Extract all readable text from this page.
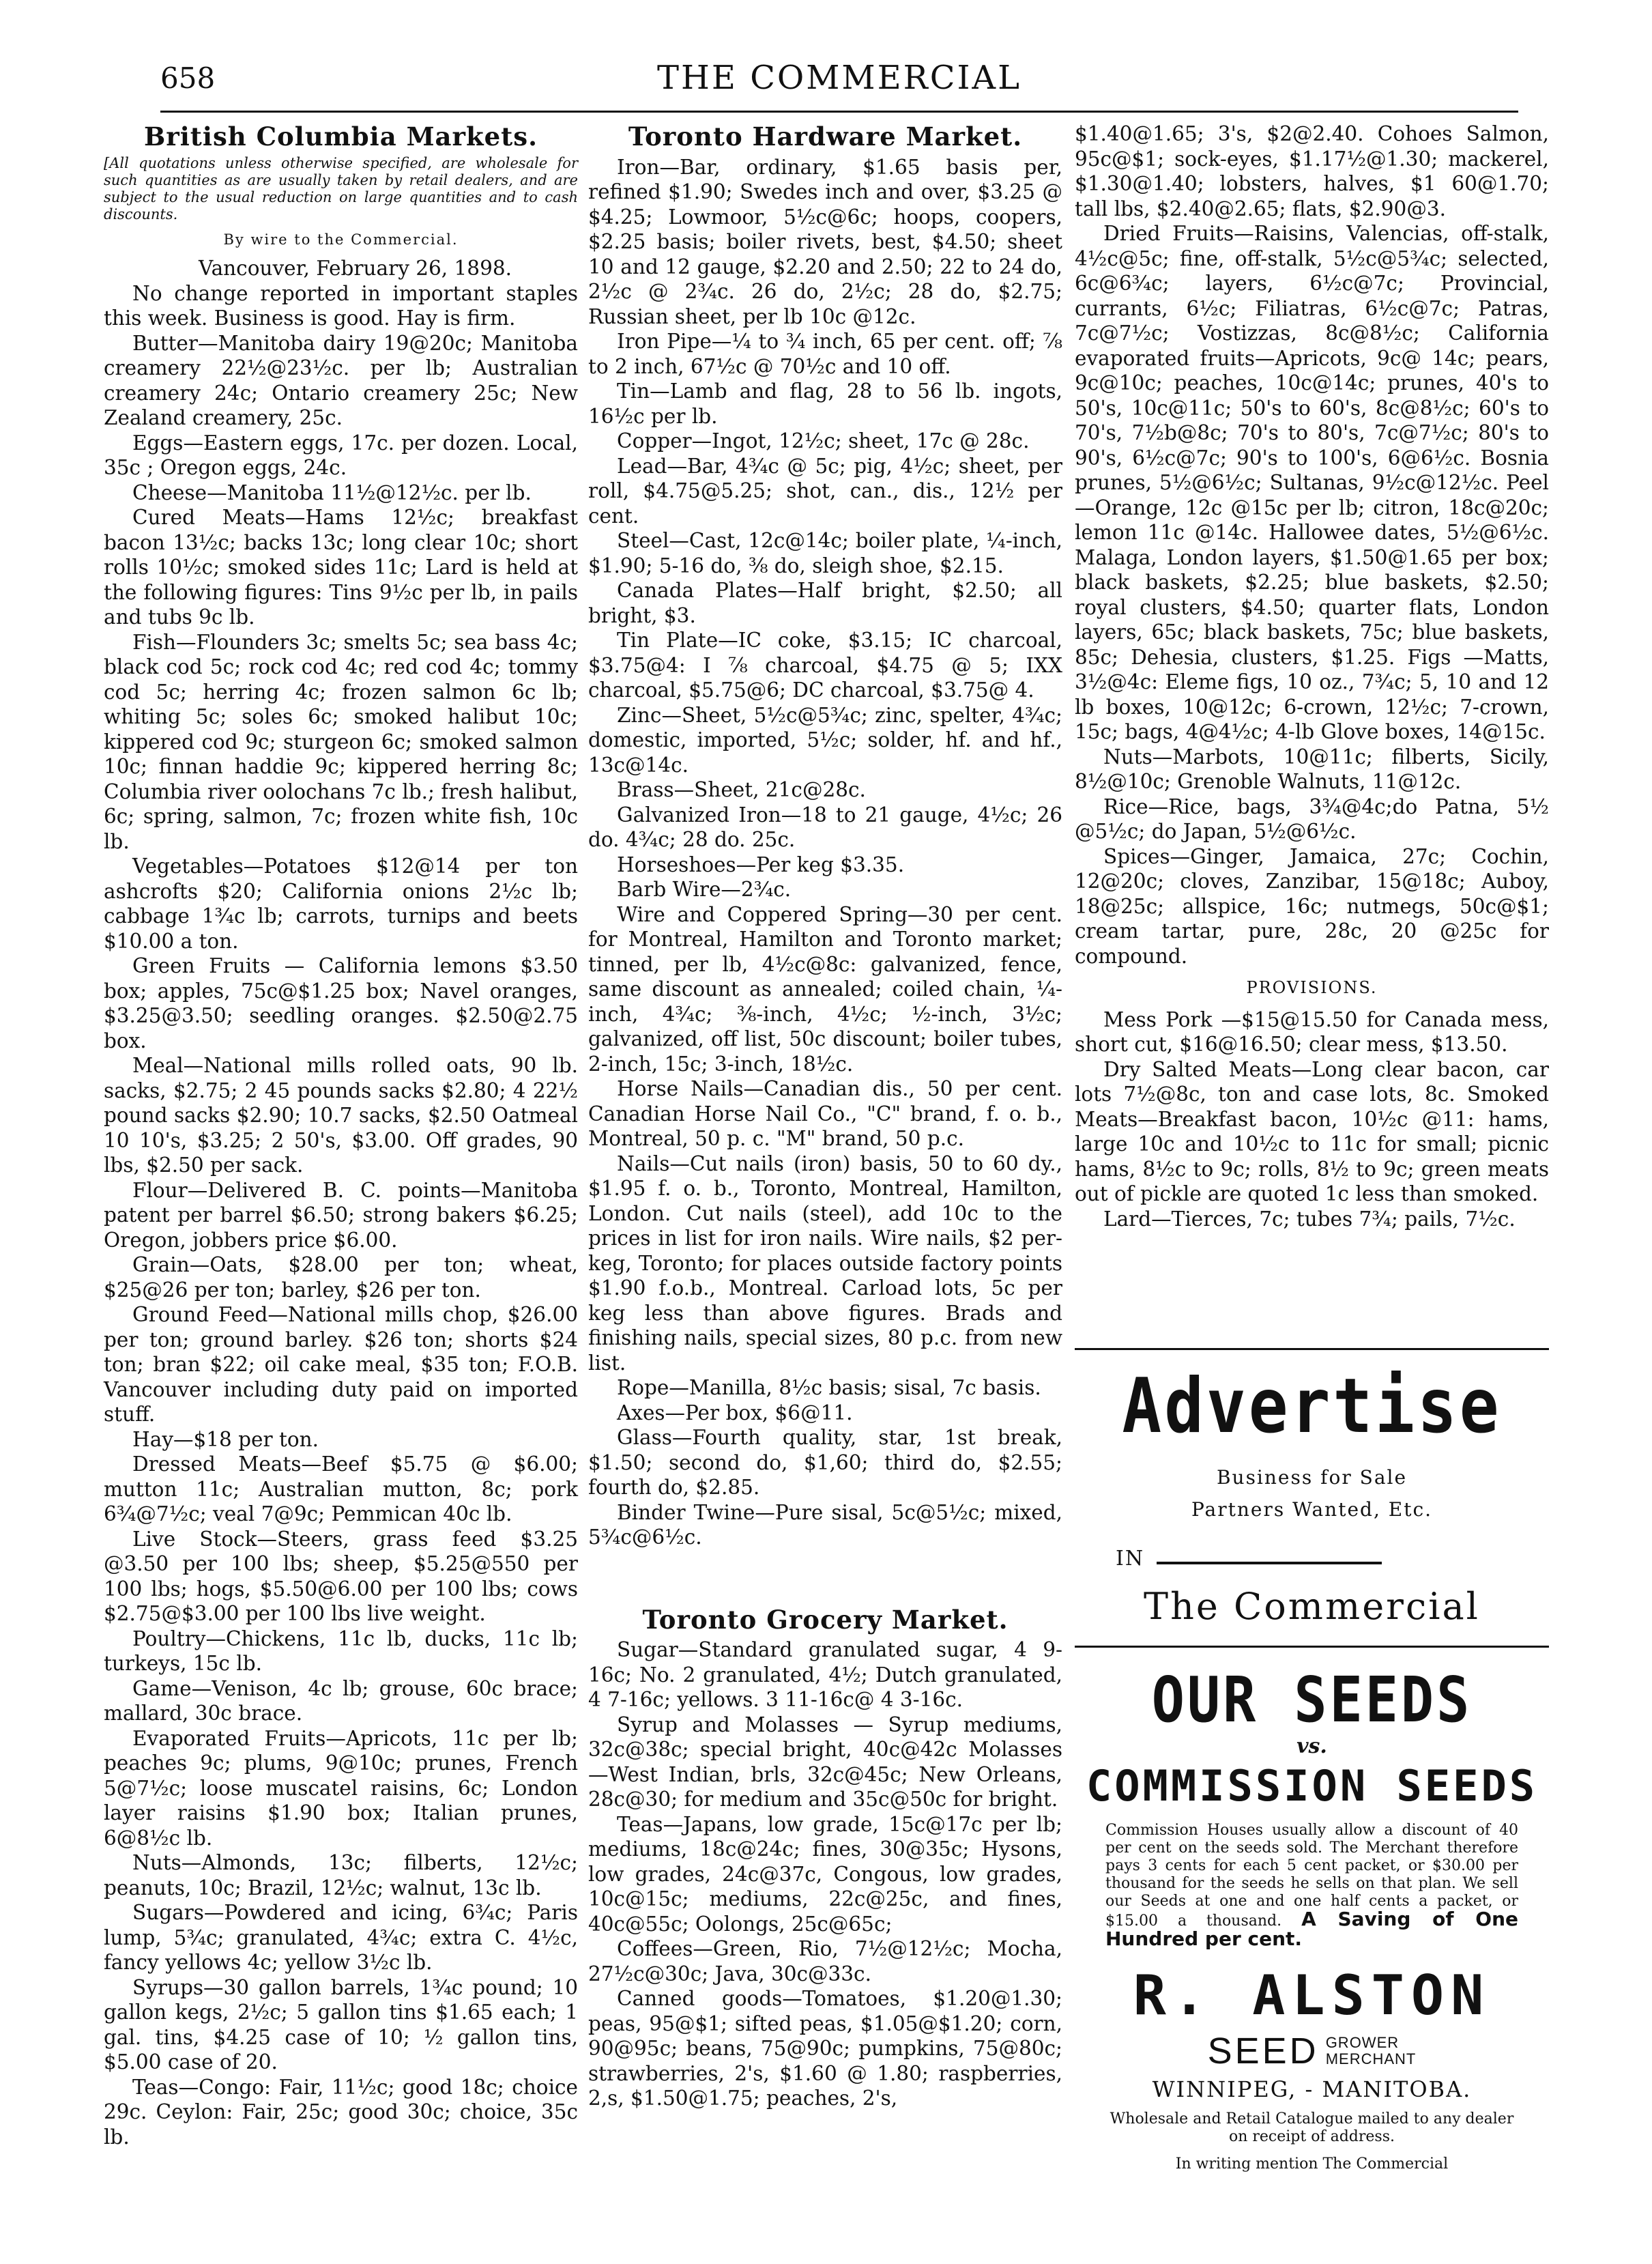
658	THE COMMERCIAL
British Columbia Markets.
[All quotations unless otherwise specified, are wholesale for such quantities as are usually taken by retail dealers, and are subject to the usual reduction on large quantities and to cash discounts.
By wire to the Commercial.

Vancouver, February 26, 1898.

No change reported in important staples this week. Business is good. Hay is firm.

Butter—Manitoba dairy 19@20c; Manitoba creamery 22½@23½c. per lb; Australian creamery 24c; Ontario creamery 25c; New Zealand creamery, 25c.

Eggs—Eastern eggs, 17c. per dozen. Local, 35c ; Oregon eggs, 24c.

Cheese—Manitoba 11½@12½c. per lb.

Cured Meats—Hams 12½c; breakfast bacon 13½c; backs 13c; long clear 10c; short rolls 10½c; smoked sides 11c; Lard is held at the following figures: Tins 9½c per lb, in pails and tubs 9c lb.

Fish—Flounders 3c; smelts 5c; sea bass 4c; black cod 5c; rock cod 4c; red cod 4c; tommy cod 5c; herring 4c; frozen salmon 6c lb; whiting 5c; soles 6c; smoked halibut 10c; kippered cod 9c; sturgeon 6c; smoked salmon 10c; finnan haddie 9c; kippered herring 8c; Columbia river oolochans 7c lb.; fresh halibut, 6c; spring, salmon, 7c; frozen white fish, 10c lb.

Vegetables—Potatoes $12@14 per ton ashcrofts $20; California onions 2½c lb; cabbage 1¾c lb; carrots, turnips and beets $10.00 a ton.

Green Fruits — California lemons $3.50 box; apples, 75c@$1.25 box; Navel oranges, $3.25@3.50; seedling oranges. $2.50@2.75 box.

Meal—National mills rolled oats, 90 lb. sacks, $2.75; 2 45 pounds sacks $2.80; 4 22½ pound sacks $2.90; 10.7 sacks, $2.50 Oatmeal 10 10's, $3.25; 2 50's, $3.00. Off grades, 90 lbs, $2.50 per sack.

Flour—Delivered B. C. points—Manitoba patent per barrel $6.50; strong bakers $6.25; Oregon, jobbers price $6.00.

Grain—Oats, $28.00 per ton; wheat, $25@26 per ton; barley, $26 per ton.

Ground Feed—National mills chop, $26.00 per ton; ground barley. $26 ton; shorts $24 ton; bran $22; oil cake meal, $35 ton; F.O.B. Vancouver including duty paid on imported stuff.

Hay—$18 per ton.

Dressed Meats—Beef $5.75 @ $6.00; mutton 11c; Australian mutton, 8c; pork 6¾@7½c; veal 7@9c; Pemmican 40c lb.

Live Stock—Steers, grass feed $3.25 @3.50 per 100 lbs; sheep, $5.25@550 per 100 lbs; hogs, $5.50@6.00 per 100 lbs; cows $2.75@$3.00 per 100 lbs live weight.

Poultry—Chickens, 11c lb, ducks, 11c lb; turkeys, 15c lb.

Game—Venison, 4c lb; grouse, 60c brace; mallard, 30c brace.

Evaporated Fruits—Apricots, 11c per lb; peaches 9c; plums, 9@10c; prunes, French 5@7½c; loose muscatel raisins, 6c; London layer raisins $1.90 box; Italian prunes, 6@8½c lb.

Nuts—Almonds, 13c; filberts, 12½c; peanuts, 10c; Brazil, 12½c; walnut, 13c lb.

Sugars—Powdered and icing, 6¾c; Paris lump, 5¾c; granulated, 4¾c; extra C. 4½c, fancy yellows 4c; yellow 3½c lb.

Syrups—30 gallon barrels, 1¾c pound; 10 gallon kegs, 2½c; 5 gallon tins $1.65 each; 1 gal. tins, $4.25 case of 10; ½ gallon tins, $5.00 case of 20.

Teas—Congo: Fair, 11½c; good 18c; choice 29c. Ceylon: Fair, 25c; good 30c; choice, 35c lb.

Toronto Hardware Market.

Iron—Bar, ordinary, $1.65 basis per, refined $1.90; Swedes inch and over, $3.25 @ $4.25; Lowmoor, 5½c@6c; hoops, coopers, $2.25 basis; boiler rivets, best, $4.50; sheet 10 and 12 gauge, $2.20 and 2.50; 22 to 24 do, 2½c @ 2¾c. 26 do, 2½c; 28 do, $2.75; Russian sheet, per lb 10c @12c.

Iron Pipe—¼ to ¾ inch, 65 per cent. off; ⅞ to 2 inch, 67½c @ 70½c and 10 off.

Tin—Lamb and flag, 28 to 56 lb. ingots, 16½c per lb.

Copper—Ingot, 12½c; sheet, 17c @ 28c.

Lead—Bar, 4¾c @ 5c; pig, 4½c; sheet, per roll, $4.75@5.25; shot, can., dis., 12½ per cent.

Steel—Cast, 12c@14c; boiler plate, ¼-inch, $1.90; 5-16 do, ⅜ do, sleigh shoe, $2.15.

Canada Plates—Half bright, $2.50; all bright, $3.

Tin Plate—IC coke, $3.15; IC charcoal, $3.75@4: I ⅞ charcoal, $4.75 @ 5; IXX charcoal, $5.75@6; DC charcoal, $3.75@ 4.

Zinc—Sheet, 5½c@5¾c; zinc, spelter, 4¾c; domestic, imported, 5½c; solder, hf. and hf., 13c@14c.

Brass—Sheet, 21c@28c.

Galvanized Iron—18 to 21 gauge, 4½c; 26 do. 4¾c; 28 do. 25c.

Horseshoes—Per keg $3.35.

Barb Wire—2¾c.

Wire and Coppered Spring—30 per cent. for Montreal, Hamilton and Toronto market; tinned, per lb, 4½c@8c: galvanized, fence, same discount as annealed; coiled chain, ¼-inch, 4¾c; ⅜-inch, 4½c; ½-inch, 3½c; galvanized, off list, 50c discount; boiler tubes, 2-inch, 15c; 3-inch, 18½c.

Horse Nails—Canadian dis., 50 per cent. Canadian Horse Nail Co., "C" brand, f. o. b., Montreal, 50 p. c. "M" brand, 50 p.c.

Nails—Cut nails (iron) basis, 50 to 60 dy., $1.95 f. o. b., Toronto, Montreal, Hamilton, London. Cut nails (steel), add 10c to the prices in list for iron nails. Wire nails, $2 per-keg, Toronto; for places outside factory points $1.90 f.o.b., Montreal. Carload lots, 5c per keg less than above figures. Brads and finishing nails, special sizes, 80 p.c. from new list.

Rope—Manilla, 8½c basis; sisal, 7c basis.

Axes—Per box, $6@11.

Glass—Fourth quality, star, 1st break, $1.50; second do, $1,60; third do, $2.55; fourth do, $2.85.

Binder Twine—Pure sisal, 5c@5½c; mixed, 5¾c@6½c.

Toronto Grocery Market.

Sugar—Standard granulated sugar, 4 9-16c; No. 2 granulated, 4½; Dutch granulated, 4 7-16c; yellows. 3 11-16c@ 4 3-16c.

Syrup and Molasses — Syrup mediums, 32c@38c; special bright, 40c@42c Molasses—West Indian, brls, 32c@45c; New Orleans, 28c@30; for medium and 35c@50c for bright.

Teas—Japans, low grade, 15c@17c per lb; mediums, 18c@24c; fines, 30@35c; Hysons, low grades, 24c@37c, Congous, low grades, 10c@15c; mediums, 22c@25c, and fines, 40c@55c; Oolongs, 25c@65c;

Coffees—Green, Rio, 7½@12½c; Mocha, 27½c@30c; Java, 30c@33c.

Canned goods—Tomatoes, $1.20@1.30; peas, 95@$1; sifted peas, $1.05@$1.20; corn, 90@95c; beans, 75@90c; pumpkins, 75@80c; strawberries, 2's, $1.60 @ 1.80; raspberries, 2,s, $1.50@1.75; peaches, 2's,

$1.40@1.65; 3's, $2@2.40. Cohoes Salmon, 95c@$1; sock-eyes, $1.17½@1.30; mackerel, $1.30@1.40; lobsters, halves, $1 60@1.70; tall lbs, $2.40@2.65; flats, $2.90@3.

Dried Fruits—Raisins, Valencias, off-stalk, 4½c@5c; fine, off-stalk, 5½c@5¾c; selected, 6c@6¾c; layers, 6½c@7c; Provincial, currants, 6½c; Filiatras, 6½c@7c; Patras, 7c@7½c; Vostizzas, 8c@8½c; California evaporated fruits—Apricots, 9c@ 14c; pears, 9c@10c; peaches, 10c@14c; prunes, 40's to 50's, 10c@11c; 50's to 60's, 8c@8½c; 60's to 70's, 7½b@8c; 70's to 80's, 7c@7½c; 80's to 90's, 6½c@7c; 90's to 100's, 6@6½c. Bosnia prunes, 5½@6½c; Sultanas, 9½c@12½c. Peel—Orange, 12c @15c per lb; citron, 18c@20c; lemon 11c @14c. Hallowee dates, 5½@6½c. Malaga, London layers, $1.50@1.65 per box; black baskets, $2.25; blue baskets, $2.50; royal clusters, $4.50; quarter flats, London layers, 65c; black baskets, 75c; blue baskets, 85c; Dehesia, clusters, $1.25. Figs —Matts, 3½@4c: Eleme figs, 10 oz., 7¾c; 5, 10 and 12 lb boxes, 10@12c; 6-crown, 12½c; 7-crown, 15c; bags, 4@4½c; 4-lb Glove boxes, 14@15c.

Nuts—Marbots, 10@11c; filberts, Sicily, 8½@10c; Grenoble Walnuts, 11@12c.

Rice—Rice, bags, 3¾@4c;do Patna, 5½ @5½c; do Japan, 5½@6½c.

Spices—Ginger, Jamaica, 27c; Cochin, 12@20c; cloves, Zanzibar, 15@18c; Auboy, 18@25c; allspice, 16c; nutmegs, 50c@$1; cream tartar, pure, 28c, 20 @25c for compound.

PROVISIONS.

Mess Pork —$15@15.50 for Canada mess, short cut, $16@16.50; clear mess, $13.50.

Dry Salted Meats—Long clear bacon, car lots 7½@8c, ton and case lots, 8c. Smoked Meats—Breakfast bacon, 10½c @11: hams, large 10c and 10½c to 11c for small; picnic hams, 8½c to 9c; rolls, 8½ to 9c; green meats out of pickle are quoted 1c less than smoked.

Lard—Tierces, 7c; tubes 7¾; pails, 7½c.

Advertise
Business for Sale
Partners Wanted, Etc.
IN
The Commercial
OUR SEEDS
vs.
COMMISSION SEEDS
Commission Houses usually allow a discount of 40 per cent on the seeds sold. The Merchant therefore pays 3 cents for each 5 cent packet, or $30.00 per thousand for the seeds he sells on that plan. We sell our Seeds at one and one half cents a packet, or $15.00 a thousand. A Saving of One Hundred per cent.
R. ALSTON
SEED GROWER
MERCHANT
WINNIPEG, - MANITOBA.
Wholesale and Retail Catalogue mailed to any dealer on receipt of address.
In writing mention The Commercial
